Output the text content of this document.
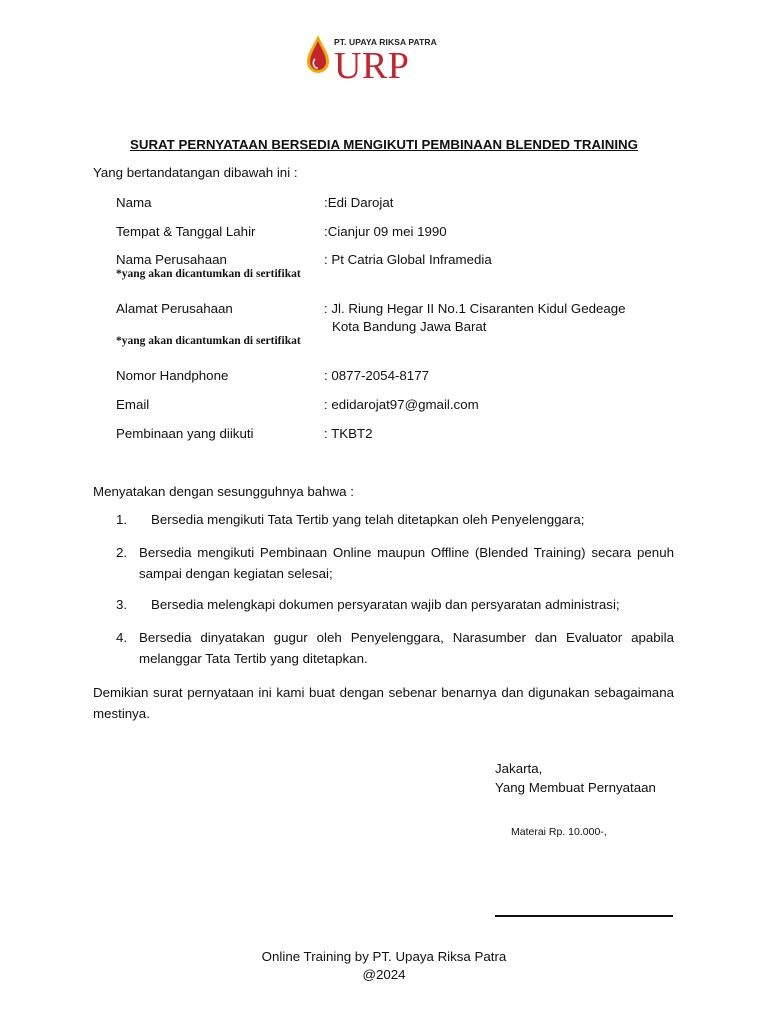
PT. UPAYA RIKSA PATRA
URP
SURAT PERNYATAAN BERSEDIA MENGIKUTI PEMBINAAN BLENDED TRAINING
Yang bertandatangan dibawah ini :
Nama	:Edi Darojat
Tempat & Tanggal Lahir	:Cianjur 09 mei 1990
Nama Perusahaan	: Pt Catria Global Inframedia
*yang akan dicantumkan di sertifikat
Alamat Perusahaan	: Jl. Riung Hegar II No.1 Cisaranten Kidul Gedeage
Kota Bandung Jawa Barat
*yang akan dicantumkan di sertifikat
Nomor Handphone	: 0877-2054-8177
Email	: edidarojat97@gmail.com
Pembinaan yang diikuti	: TKBT2
Menyatakan dengan sesungguhnya bahwa :
1. Bersedia mengikuti Tata Tertib yang telah ditetapkan oleh Penyelenggara;
2. Bersedia mengikuti Pembinaan Online maupun Offline (Blended Training) secara penuh sampai dengan kegiatan selesai;
3. Bersedia melengkapi dokumen persyaratan wajib dan persyaratan administrasi;
4. Bersedia dinyatakan gugur oleh Penyelenggara, Narasumber dan Evaluator apabila melanggar Tata Tertib yang ditetapkan.
Demikian surat pernyataan ini kami buat dengan sebenar benarnya dan digunakan sebagaimana mestinya.
Jakarta,
Yang Membuat Pernyataan
Materai Rp. 10.000-,
Online Training by PT. Upaya Riksa Patra
@2024
